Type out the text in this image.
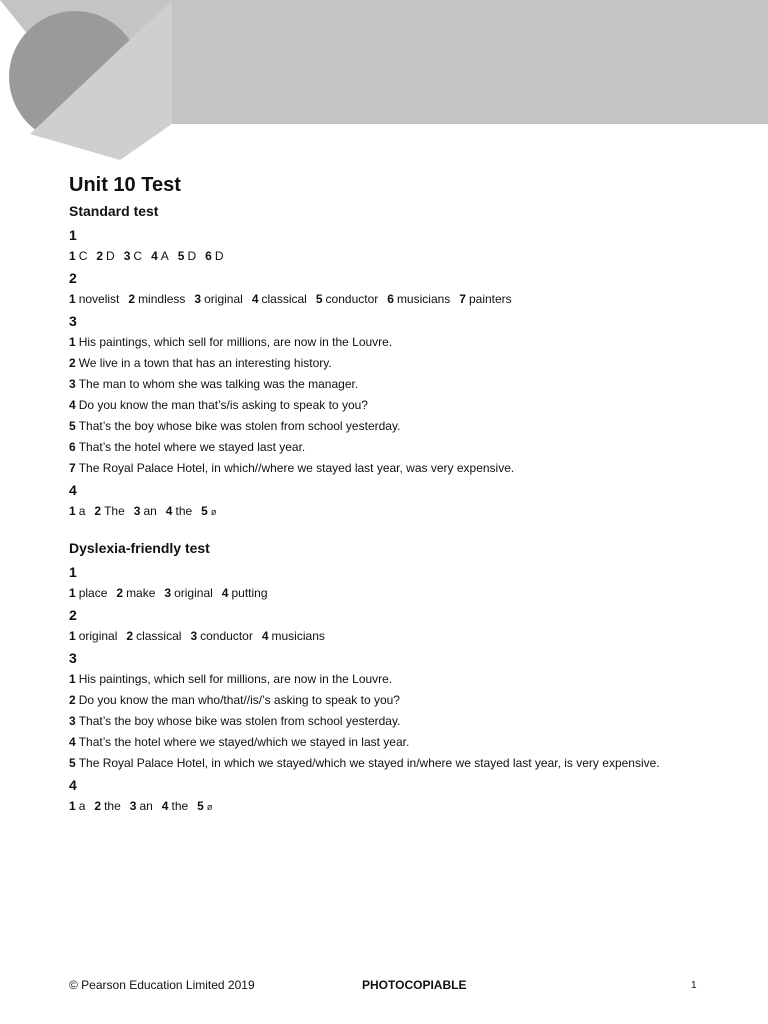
Unit 10 Test
Standard test
1
1 C 2 D 3 C 4 A 5 D 6 D
2
1 novelist 2 mindless 3 original 4 classical 5 conductor 6 musicians 7 painters
3
1 His paintings, which sell for millions, are now in the Louvre.
2 We live in a town that has an interesting history.
3 The man to whom she was talking was the manager.
4 Do you know the man that’s/is asking to speak to you?
5 That’s the boy whose bike was stolen from school yesterday.
6 That’s the hotel where we stayed last year.
7 The Royal Palace Hotel, in which//where we stayed last year, was very expensive.
4
1 a 2 The 3 an 4 the 5 ø
Dyslexia-friendly test
1
1 place 2 make 3 original 4 putting
2
1 original 2 classical 3 conductor 4 musicians
3
1 His paintings, which sell for millions, are now in the Louvre.
2 Do you know the man who/that//is/’s asking to speak to you?
3 That’s the boy whose bike was stolen from school yesterday.
4 That’s the hotel where we stayed/which we stayed in last year.
5 The Royal Palace Hotel, in which we stayed/which we stayed in/where we stayed last year, is very expensive.
4
1 a 2 the 3 an 4 the 5 ø
© Pearson Education Limited 2019	PHOTOCOPIABLE	1
